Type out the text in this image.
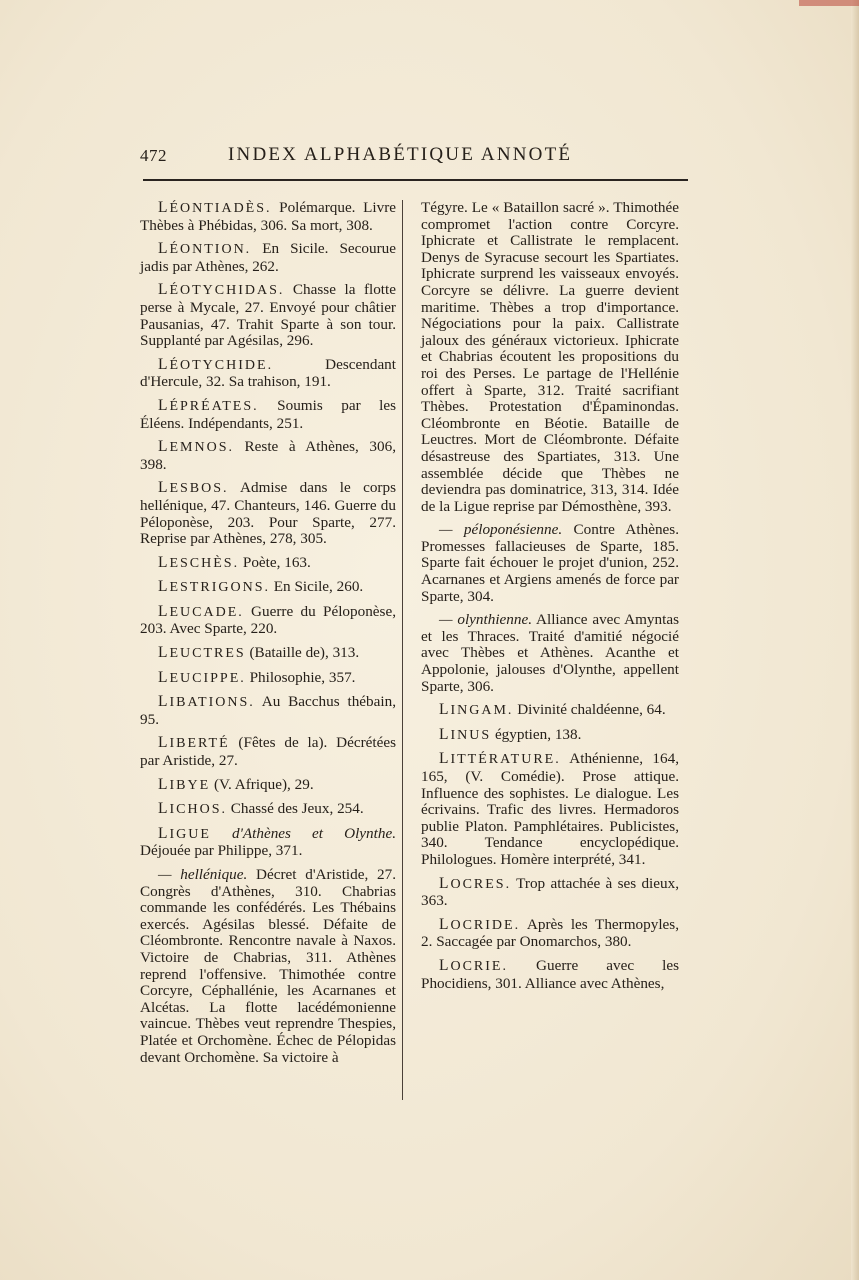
472	INDEX ALPHABÉTIQUE ANNOTÉ

LÉONTIADÈS. Polémarque. Livre Thèbes à Phébidas, 306. Sa mort, 308.

LÉONTION. En Sicile. Secourue jadis par Athènes, 262.

LÉOTYCHIDAS. Chasse la flotte perse à Mycale, 27. Envoyé pour châtier Pausanias, 47. Trahit Sparte à son tour. Supplanté par Agésilas, 296.

LÉOTYCHIDE. Descendant d'Hercule, 32. Sa trahison, 191.

LÉPRÉATES. Soumis par les Éléens. Indépendants, 251.

LEMNOS. Reste à Athènes, 306, 398.

LESBOS. Admise dans le corps hellénique, 47. Chanteurs, 146. Guerre du Péloponèse, 203. Pour Sparte, 277. Reprise par Athènes, 278, 305.

LESCHÈS. Poète, 163.

LESTRIGONS. En Sicile, 260.

LEUCADE. Guerre du Péloponèse, 203. Avec Sparte, 220.

LEUCTRES (Bataille de), 313.

LEUCIPPE. Philosophie, 357.

LIBATIONS. Au Bacchus thébain, 95.

LIBERTÉ (Fêtes de la). Décrétées par Aristide, 27.

LIBYE (V. Afrique), 29.

LICHOS. Chassé des Jeux, 254.

LIGUE d'Athènes et Olynthe. Déjouée par Philippe, 371.

— hellénique. Décret d'Aristide, 27. Congrès d'Athènes, 310. Chabrias commande les confédérés. Les Thébains exercés. Agésilas blessé. Défaite de Cléombronte. Rencontre navale à Naxos. Victoire de Chabrias, 311. Athènes reprend l'offensive. Thimothée contre Corcyre, Céphallénie, les Acarnanes et Alcétas. La flotte lacédémonienne vaincue. Thèbes veut reprendre Thespies, Platée et Orchomène. Échec de Pélopidas devant Orchomène. Sa victoire à

Tégyre. Le « Bataillon sacré ». Thimothée compromet l'action contre Corcyre. Iphicrate et Callistrate le remplacent. Denys de Syracuse secourt les Spartiates. Iphicrate surprend les vaisseaux envoyés. Corcyre se délivre. La guerre devient maritime. Thèbes a trop d'importance. Négociations pour la paix. Callistrate jaloux des généraux victorieux. Iphicrate et Chabrias écoutent les propositions du roi des Perses. Le partage de l'Hellénie offert à Sparte, 312. Traité sacrifiant Thèbes. Protestation d'Épaminondas. Cléombronte en Béotie. Bataille de Leuctres. Mort de Cléombronte. Défaite désastreuse des Spartiates, 313. Une assemblée décide que Thèbes ne deviendra pas dominatrice, 313, 314. Idée de la Ligue reprise par Démosthène, 393.

— péloponésienne. Contre Athènes. Promesses fallacieuses de Sparte, 185. Sparte fait échouer le projet d'union, 252. Acarnanes et Argiens amenés de force par Sparte, 304.

— olynthienne. Alliance avec Amyntas et les Thraces. Traité d'amitié négocié avec Thèbes et Athènes. Acanthe et Appolonie, jalouses d'Olynthe, appellent Sparte, 306.

LINGAM. Divinité chaldéenne, 64.

LINUS égyptien, 138.

LITTÉRATURE. Athénienne, 164, 165, (V. Comédie). Prose attique. Influence des sophistes. Le dialogue. Les écrivains. Trafic des livres. Hermadoros publie Platon. Pamphlétaires. Publicistes, 340. Tendance encyclopédique. Philologues. Homère interprété, 341.

LOCRES. Trop attachée à ses dieux, 363.

LOCRIDE. Après les Thermopyles, 2. Saccagée par Onomarchos, 380.

LOCRIE. Guerre avec les Phocidiens, 301. Alliance avec Athènes,
